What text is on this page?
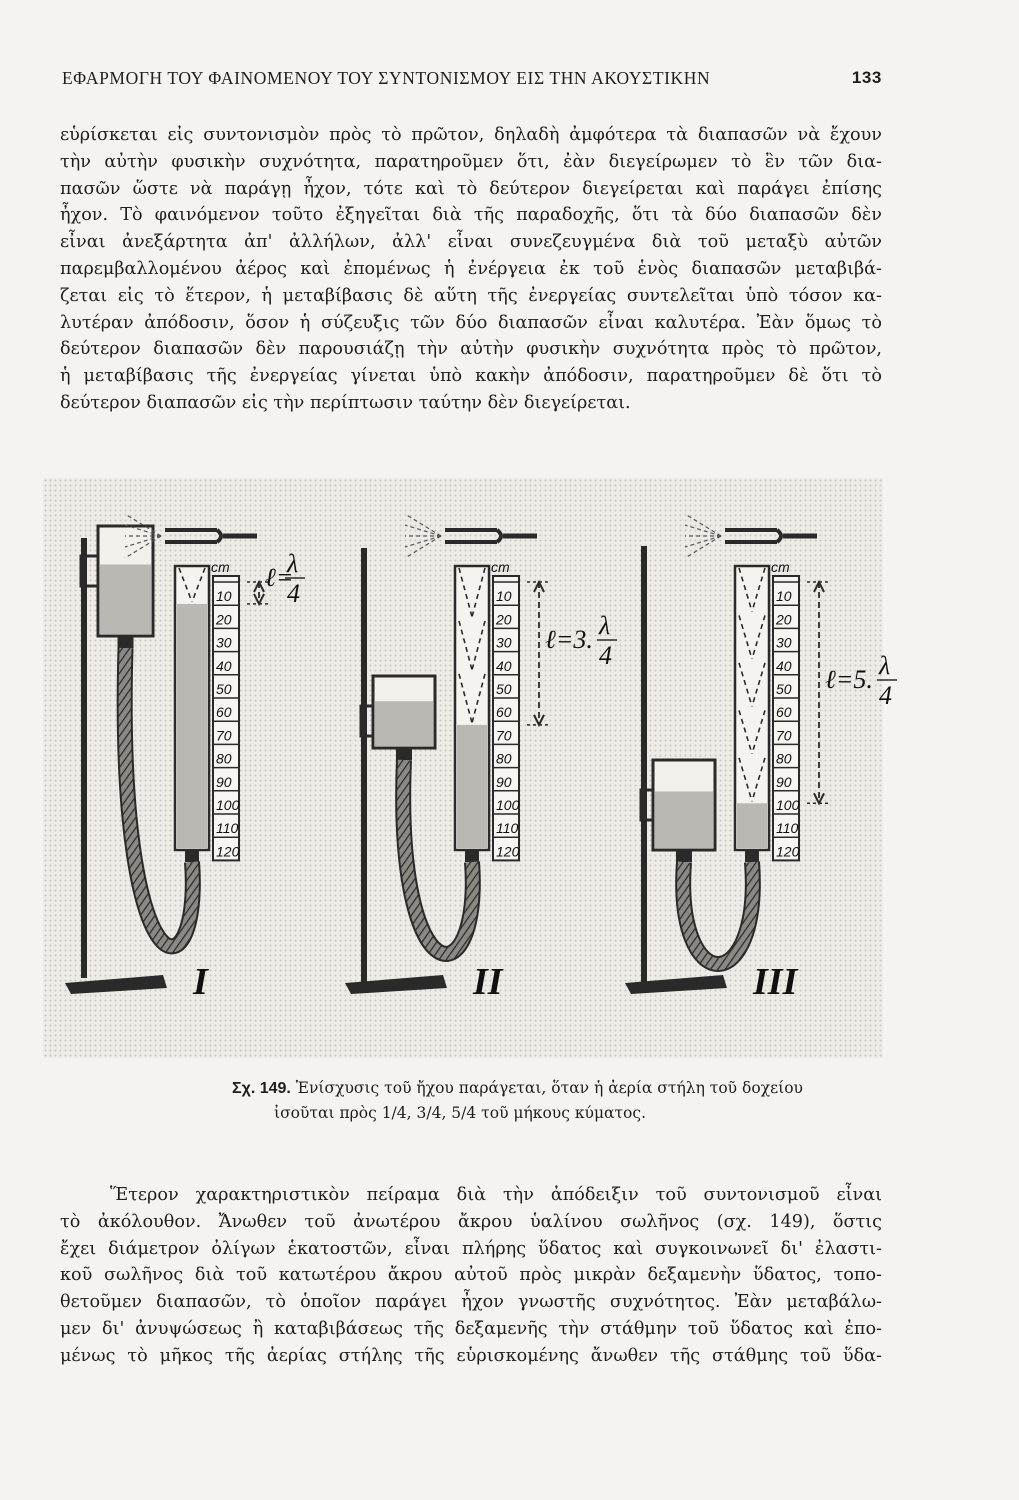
ΕΦΑΡΜΟΓΗ ΤΟΥ ΦΑΙΝΟΜΕΝΟΥ ΤΟΥ ΣΥΝΤΟΝΙΣΜΟΥ ΕΙΣ ΤΗΝ ΑΚΟΥΣΤΙΚΗΝ	133
εὑρίσκεται εἰς συντονισμὸν πρὸς τὸ πρῶτον, δηλαδὴ ἀμφότερα τὰ διαπασῶν νὰ ἔχουν
τὴν αὐτὴν φυσικὴν συχνότητα, παρατηροῦμεν ὅτι, ἐὰν διεγείρωμεν τὸ ἓν τῶν δια-
πασῶν ὥστε νὰ παράγῃ ἦχον, τότε καὶ τὸ δεύτερον διεγείρεται καὶ παράγει ἐπίσης
ἦχον. Τὸ φαινόμενον τοῦτο ἐξηγεῖται διὰ τῆς παραδοχῆς, ὅτι τὰ δύο διαπασῶν δὲν
εἶναι ἀνεξάρτητα ἀπ' ἀλλήλων, ἀλλ' εἶναι συνεζευγμένα διὰ τοῦ μεταξὺ αὐτῶν
παρεμβαλλομένου ἀέρος καὶ ἐπομένως ἡ ἐνέργεια ἐκ τοῦ ἑνὸς διαπασῶν μεταβιβά-
ζεται εἰς τὸ ἕτερον, ἡ μεταβίβασις δὲ αὕτη τῆς ἐνεργείας συντελεῖται ὑπὸ τόσον κα-
λυτέραν ἀπόδοσιν, ὅσον ἡ σύζευξις τῶν δύο διαπασῶν εἶναι καλυτέρα. Ἐὰν ὅμως τὸ
δεύτερον διαπασῶν δὲν παρουσιάζῃ τὴν αὐτὴν φυσικὴν συχνότητα πρὸς τὸ πρῶτον,
ἡ μεταβίβασις τῆς ἐνεργείας γίνεται ὑπὸ κακὴν ἀπόδοσιν, παρατηροῦμεν δὲ ὅτι τὸ
δεύτερον διαπασῶν εἰς τὴν περίπτωσιν ταύτην δὲν διεγείρεται.
cm
10
20
30
40
50
60
70
80
90
100
110
120
ℓ=
λ
4
I
cm
10
20
30
40
50
60
70
80
90
100
110
120
ℓ=3. λ
4
II
cm
10
20
30
40
50
60
70
80
90
100
110
120
ℓ=5. λ
4
III
Σχ. 149. Ἐνίσχυσις τοῦ ἤχου παράγεται, ὅταν ἡ ἀερία στήλη τοῦ δοχείου
ἰσοῦται πρὸς 1/4, 3/4, 5/4 τοῦ μήκους κύματος.
Ἕτερον χαρακτηριστικὸν πείραμα διὰ τὴν ἀπόδειξιν τοῦ συντονισμοῦ εἶναι
τὸ ἀκόλουθον. Ἄνωθεν τοῦ ἀνωτέρου ἄκρου ὑαλίνου σωλῆνος (σχ. 149), ὅστις
ἔχει διάμετρον ὀλίγων ἑκατοστῶν, εἶναι πλήρης ὕδατος καὶ συγκοινωνεῖ δι' ἐλαστι-
κοῦ σωλῆνος διὰ τοῦ κατωτέρου ἄκρου αὐτοῦ πρὸς μικρὰν δεξαμενὴν ὕδατος, τοπο-
θετοῦμεν διαπασῶν, τὸ ὁποῖον παράγει ἦχον γνωστῆς συχνότητος. Ἐὰν μεταβάλω-
μεν δι' ἀνυψώσεως ἢ καταβιβάσεως τῆς δεξαμενῆς τὴν στάθμην τοῦ ὕδατος καὶ ἐπο-
μένως τὸ μῆκος τῆς ἀερίας στήλης τῆς εὑρισκομένης ἄνωθεν τῆς στάθμης τοῦ ὕδα-
